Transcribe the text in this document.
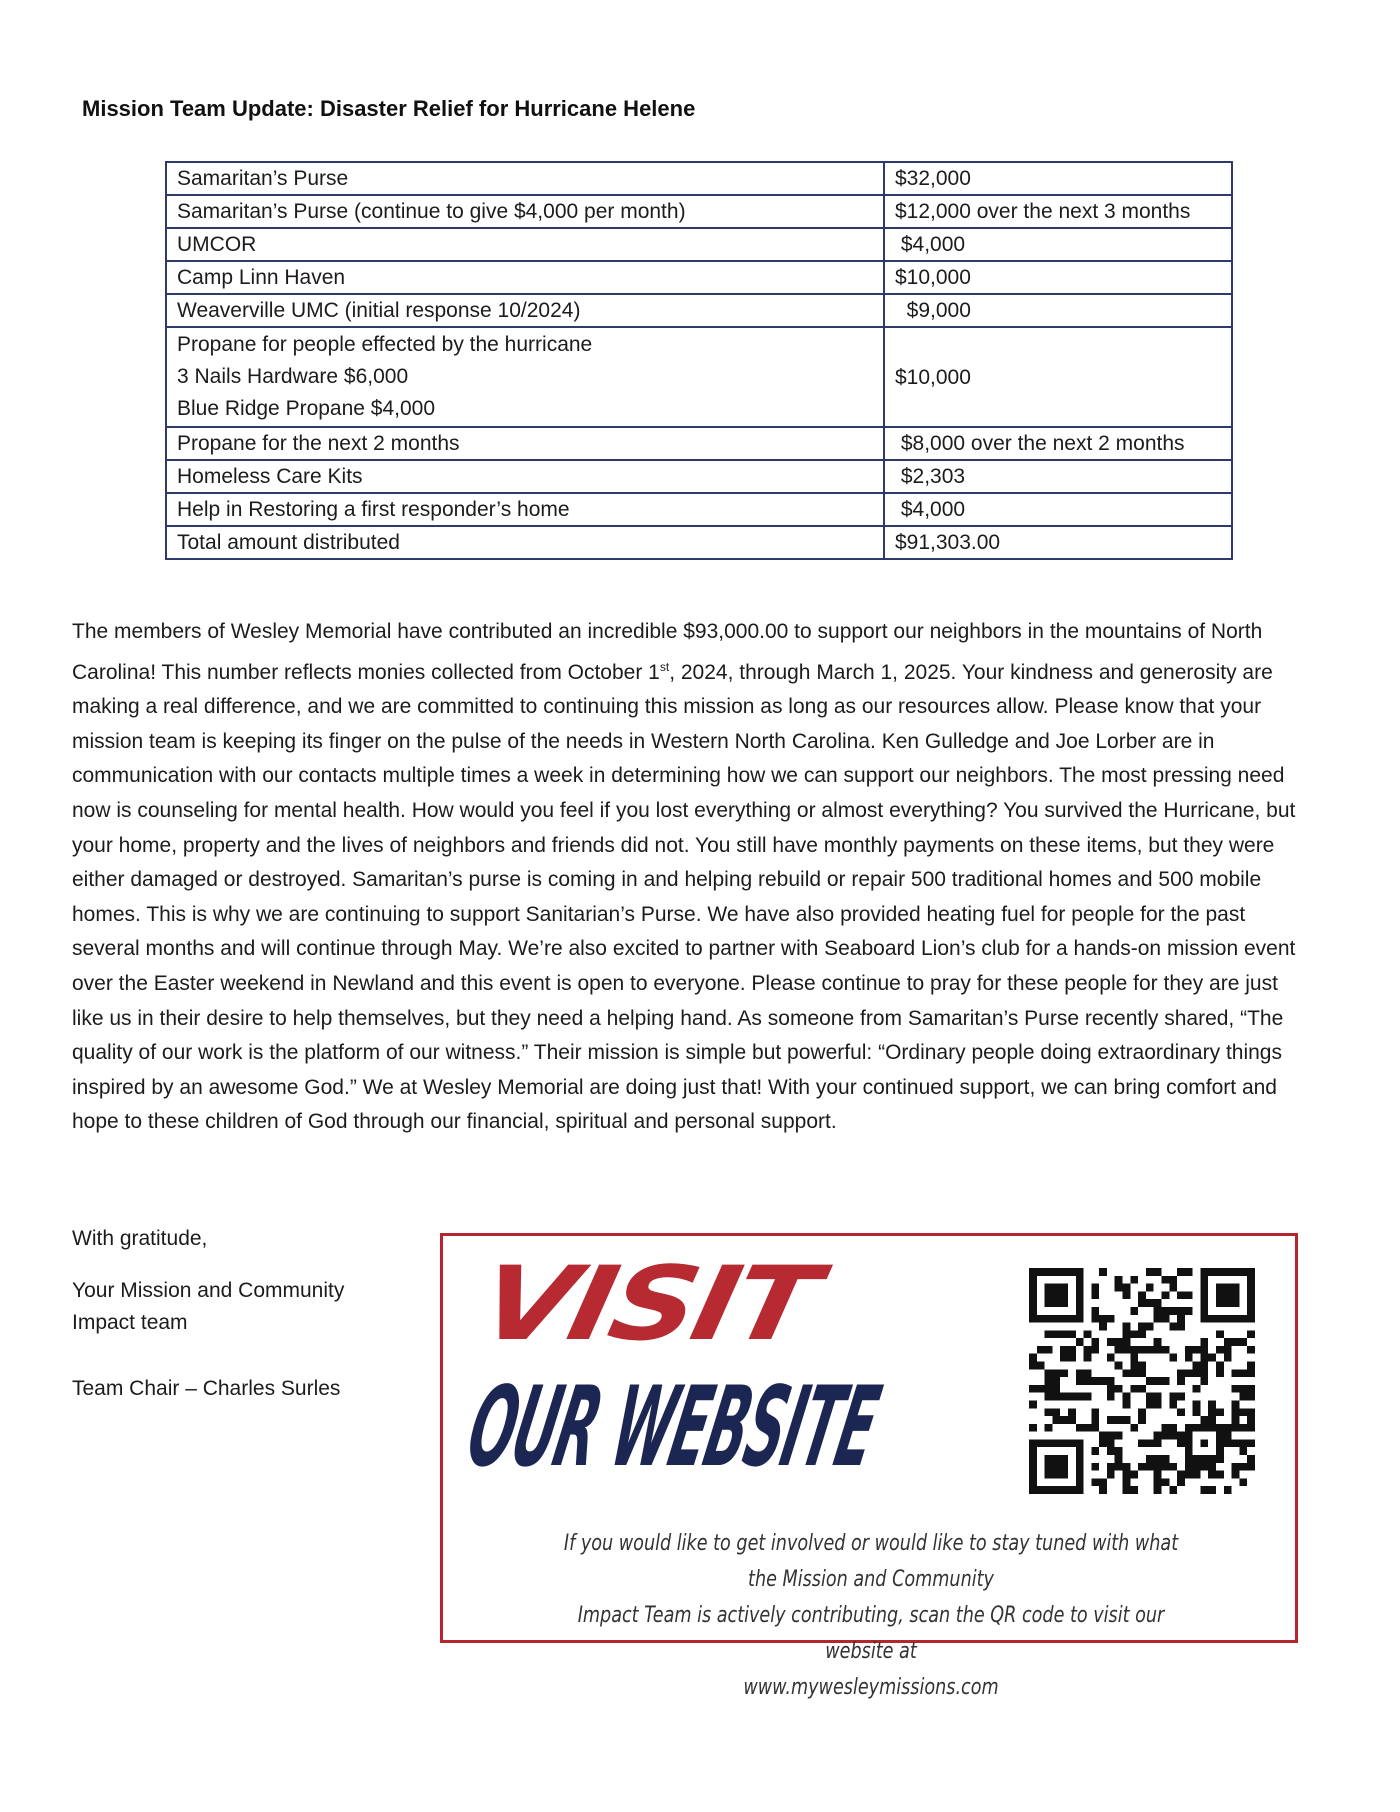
Mission Team Update: Disaster Relief for Hurricane Helene
Samaritan’s Purse	$32,000
Samaritan’s Purse (continue to give $4,000 per month)	$12,000 over the next 3 months
UMCOR	$4,000
Camp Linn Haven	$10,000
Weaverville UMC (initial response 10/2024)	$9,000

Propane for people effected by the hurricane
3 Nails Hardware $6,000
Blue Ridge Propane $4,000	$10,000
Propane for the next 2 months	$8,000 over the next 2 months
Homeless Care Kits	$2,303
Help in Restoring a first responder’s home	$4,000
Total amount distributed	$91,303.00
The members of Wesley Memorial have contributed an incredible $93,000.00 to support our neighbors in the mountains of North Carolina! This number reflects monies collected from October 1st, 2024, through March 1, 2025. Your kindness and generosity are making a real difference, and we are committed to continuing this mission as long as our resources allow. Please know that your mission team is keeping its finger on the pulse of the needs in Western North Carolina. Ken Gulledge and Joe Lorber are in communication with our contacts multiple times a week in determining how we can support our neighbors. The most pressing need now is counseling for mental health. How would you feel if you lost everything or almost everything? You survived the Hurricane, but your home, property and the lives of neighbors and friends did not. You still have monthly payments on these items, but they were either damaged or destroyed. Samaritan’s purse is coming in and helping rebuild or repair 500 traditional homes and 500 mobile homes. This is why we are continuing to support Sanitarian’s Purse. We have also provided heating fuel for people for the past several months and will continue through May. We’re also excited to partner with Seaboard Lion’s club for a hands-on mission event over the Easter weekend in Newland and this event is open to everyone. Please continue to pray for these people for they are just like us in their desire to help themselves, but they need a helping hand. As someone from Samaritan’s Purse recently shared, “The quality of our work is the platform of our witness.” Their mission is simple but powerful: “Ordinary people doing extraordinary things inspired by an awesome God.” We at Wesley Memorial are doing just that! With your continued support, we can bring comfort and hope to these children of God through our financial, spiritual and personal support.
With gratitude,
Your Mission and Community
Impact team
Team Chair – Charles Surles
VISIT
OUR WEBSITE
If you would like to get involved or would like to stay tuned with what the Mission and Community
Impact Team is actively contributing, scan the QR code to visit our website at
www.mywesleymissions.com
